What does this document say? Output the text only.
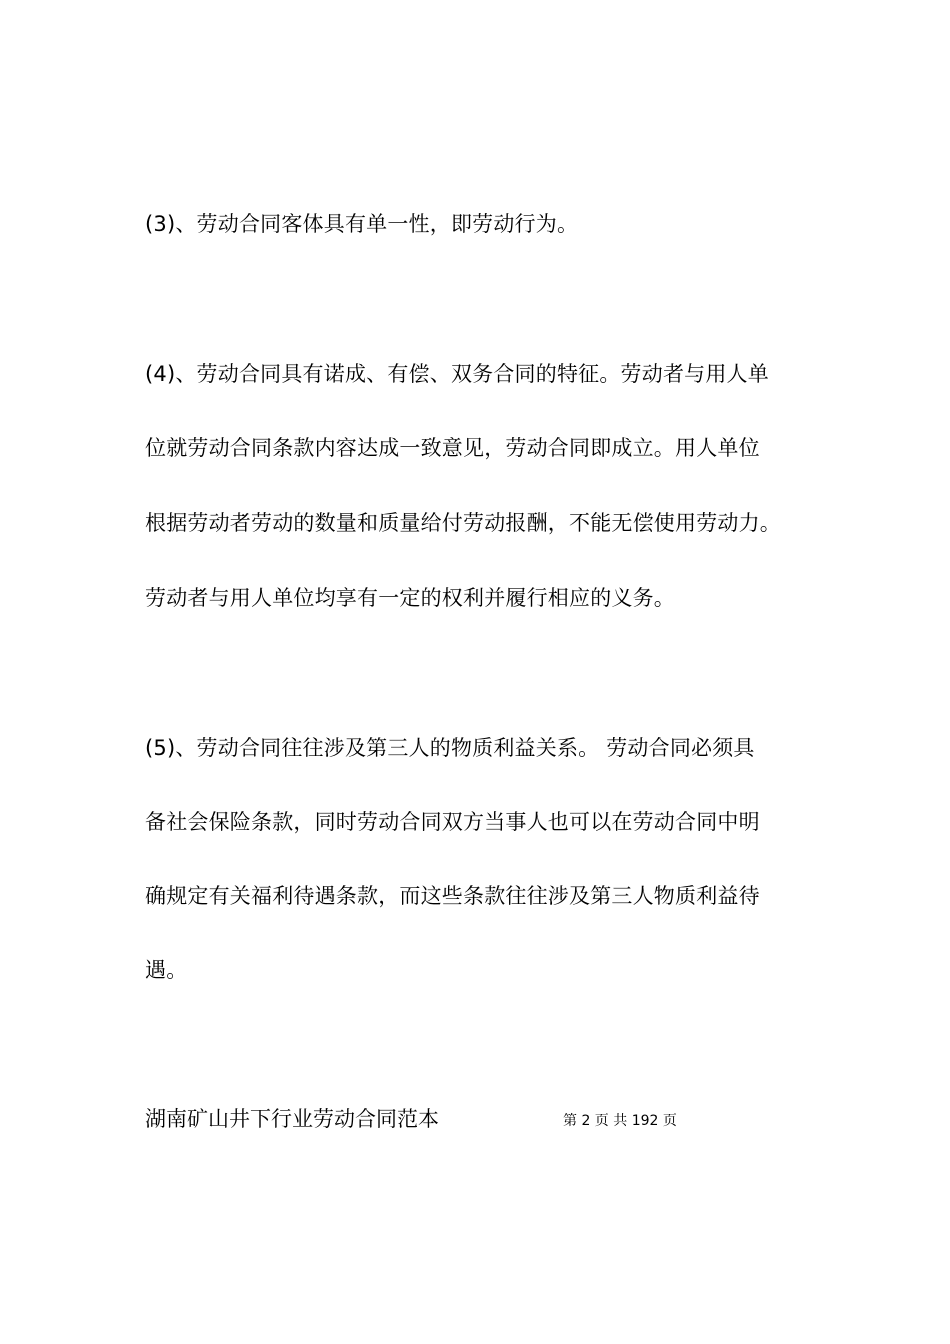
(3)、劳动合同客体具有单一性，即劳动行为。
(4)、劳动合同具有诺成、有偿、双务合同的特征。劳动者与用人单
位就劳动合同条款内容达成一致意见，劳动合同即成立。用人单位
根据劳动者劳动的数量和质量给付劳动报酬，不能无偿使用劳动力。
劳动者与用人单位均享有一定的权利并履行相应的义务。
(5)、劳动合同往往涉及第三人的物质利益关系。 劳动合同必须具
备社会保险条款，同时劳动合同双方当事人也可以在劳动合同中明
确规定有关福利待遇条款，而这些条款往往涉及第三人物质利益待
遇。
湖南矿山井下行业劳动合同范本	第 2 页 共 192 页
